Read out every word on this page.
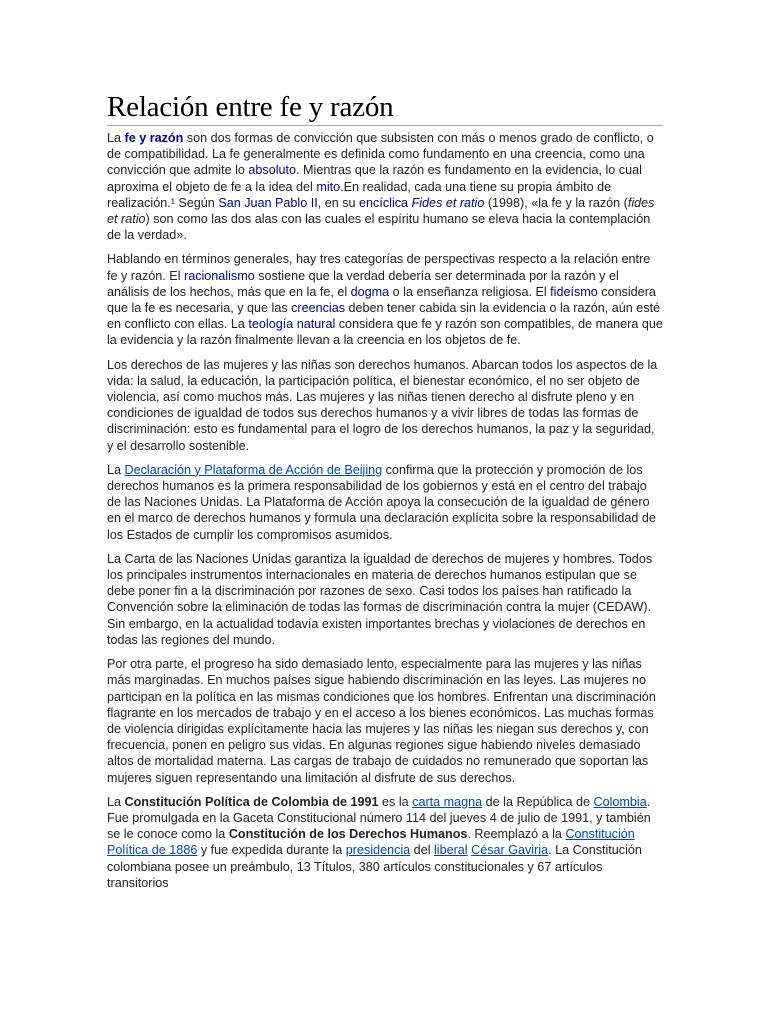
Relación entre fe y razón

La fe y razón son dos formas de convicción que subsisten con más o menos grado de conflicto, o de compatibilidad. La fe generalmente es definida como fundamento en una creencia, como una convicción que admite lo absoluto. Mientras que la razón es fundamento en la evidencia, lo cual aproxima el objeto de fe a la idea del mito.En realidad, cada una tiene su propia ámbito de realización.¹ Según San Juan Pablo II, en su encíclica Fides et ratio (1998), «la fe y la razón (fides et ratio) son como las dos alas con las cuales el espíritu humano se eleva hacia la contemplación de la verdad».

Hablando en términos generales, hay tres categorías de perspectivas respecto a la relación entre fe y razón. El racionalismo sostiene que la verdad debería ser determinada por la razón y el análisis de los hechos, más que en la fe, el dogma o la enseñanza religiosa. El fideísmo considera que la fe es necesaria, y que las creencias deben tener cabida sin la evidencia o la razón, aún esté en conflicto con ellas. La teología natural considera que fe y razón son compatibles, de manera que la evidencia y la razón finalmente llevan a la creencia en los objetos de fe.

Los derechos de las mujeres y las niñas son derechos humanos. Abarcan todos los aspectos de la vida: la salud, la educación, la participación política, el bienestar económico, el no ser objeto de violencia, así como muchos más. Las mujeres y las niñas tienen derecho al disfrute pleno y en condiciones de igualdad de todos sus derechos humanos y a vivir libres de todas las formas de discriminación: esto es fundamental para el logro de los derechos humanos, la paz y la seguridad, y el desarrollo sostenible.

La Declaración y Plataforma de Acción de Beijing confirma que la protección y promoción de los derechos humanos es la primera responsabilidad de los gobiernos y está en el centro del trabajo de las Naciones Unidas. La Plataforma de Acción apoya la consecución de la igualdad de género en el marco de derechos humanos y formula una declaración explícita sobre la responsabilidad de los Estados de cumplir los compromisos asumidos.

La Carta de las Naciones Unidas garantiza la igualdad de derechos de mujeres y hombres. Todos los principales instrumentos internacionales en materia de derechos humanos estipulan que se debe poner fin a la discriminación por razones de sexo. Casi todos los países han ratificado la Convención sobre la eliminación de todas las formas de discriminación contra la mujer (CEDAW). Sin embargo, en la actualidad todavía existen importantes brechas y violaciones de derechos en todas las regiones del mundo.

Por otra parte, el progreso ha sido demasiado lento, especialmente para las mujeres y las niñas más marginadas. En muchos países sigue habiendo discriminación en las leyes. Las mujeres no participan en la política en las mismas condiciones que los hombres. Enfrentan una discriminación flagrante en los mercados de trabajo y en el acceso a los bienes económicos. Las muchas formas de violencia dirigidas explícitamente hacia las mujeres y las niñas les niegan sus derechos y, con frecuencia, ponen en peligro sus vidas. En algunas regiones sigue habiendo niveles demasiado altos de mortalidad materna. Las cargas de trabajo de cuidados no remunerado que soportan las mujeres siguen representando una limitación al disfrute de sus derechos.

La Constitución Política de Colombia de 1991 es la carta magna de la República de Colombia. Fue promulgada en la Gaceta Constitucional número 114 del jueves 4 de julio de 1991, y también se le conoce como la Constitución de los Derechos Humanos. Reemplazó a la Constitución Política de 1886 y fue expedida durante la presidencia del liberal César Gaviria. La Constitución colombiana posee un preámbulo, 13 Títulos, 380 artículos constitucionales y 67 artículos transitorios
